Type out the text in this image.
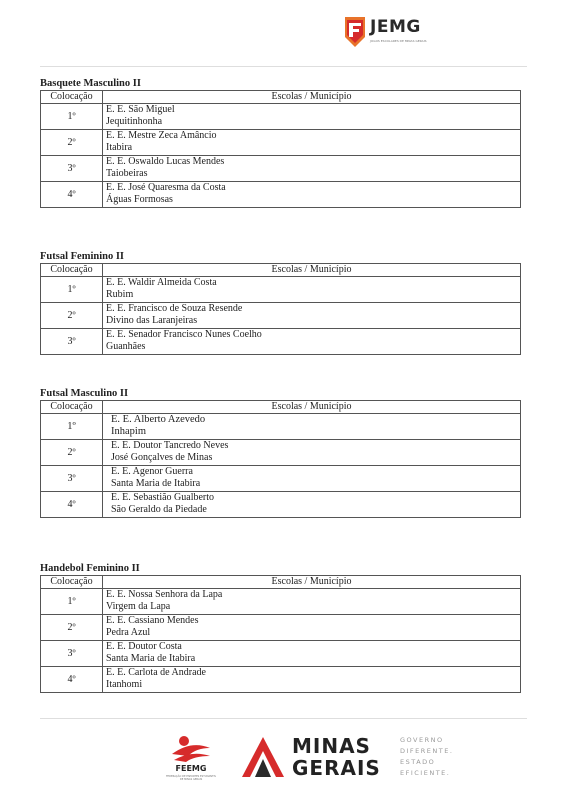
JEMG
JOGOS ESCOLARES DE MINAS GERAIS
Basquete Masculino II
Colocação	Escolas / Município
1º	E. E. São Miguel
Jequitinhonha

2º	E. E. Mestre Zeca Amâncio
Itabira

3º	E. E. Oswaldo Lucas Mendes
Taiobeiras

4º	E. E. José Quaresma da Costa
Águas Formosas
Futsal Feminino II
Colocação	Escolas / Município
1º	E. E. Waldir Almeida Costa
Rubim

2º	E. E. Francisco de Souza Resende
Divino das Laranjeiras

3º	E. E. Senador Francisco Nunes Coelho
Guanhães
Futsal Masculino II
Colocação	Escolas / Município
1º	E. E. Alberto Azevedo
Inhapim

2º	E. E. Doutor Tancredo Neves
José Gonçalves de Minas

3º	E. E. Agenor Guerra
Santa Maria de Itabira

4º	E. E. Sebastião Gualberto
São Geraldo da Piedade
Handebol Feminino II
Colocação	Escolas / Município
1º	E. E. Nossa Senhora da Lapa
Virgem da Lapa

2º	E. E. Cassiano Mendes
Pedra Azul

3º	E. E. Doutor Costa
Santa Maria de Itabira

4º	E. E. Carlota de Andrade
Itanhomi
FEEMG
FEDERAÇÃO DE ESPORTES ESTUDANTIS DE MINAS GERAIS
MINAS
GERAIS
GOVERNO
DIFERENTE.
ESTADO
EFICIENTE.
